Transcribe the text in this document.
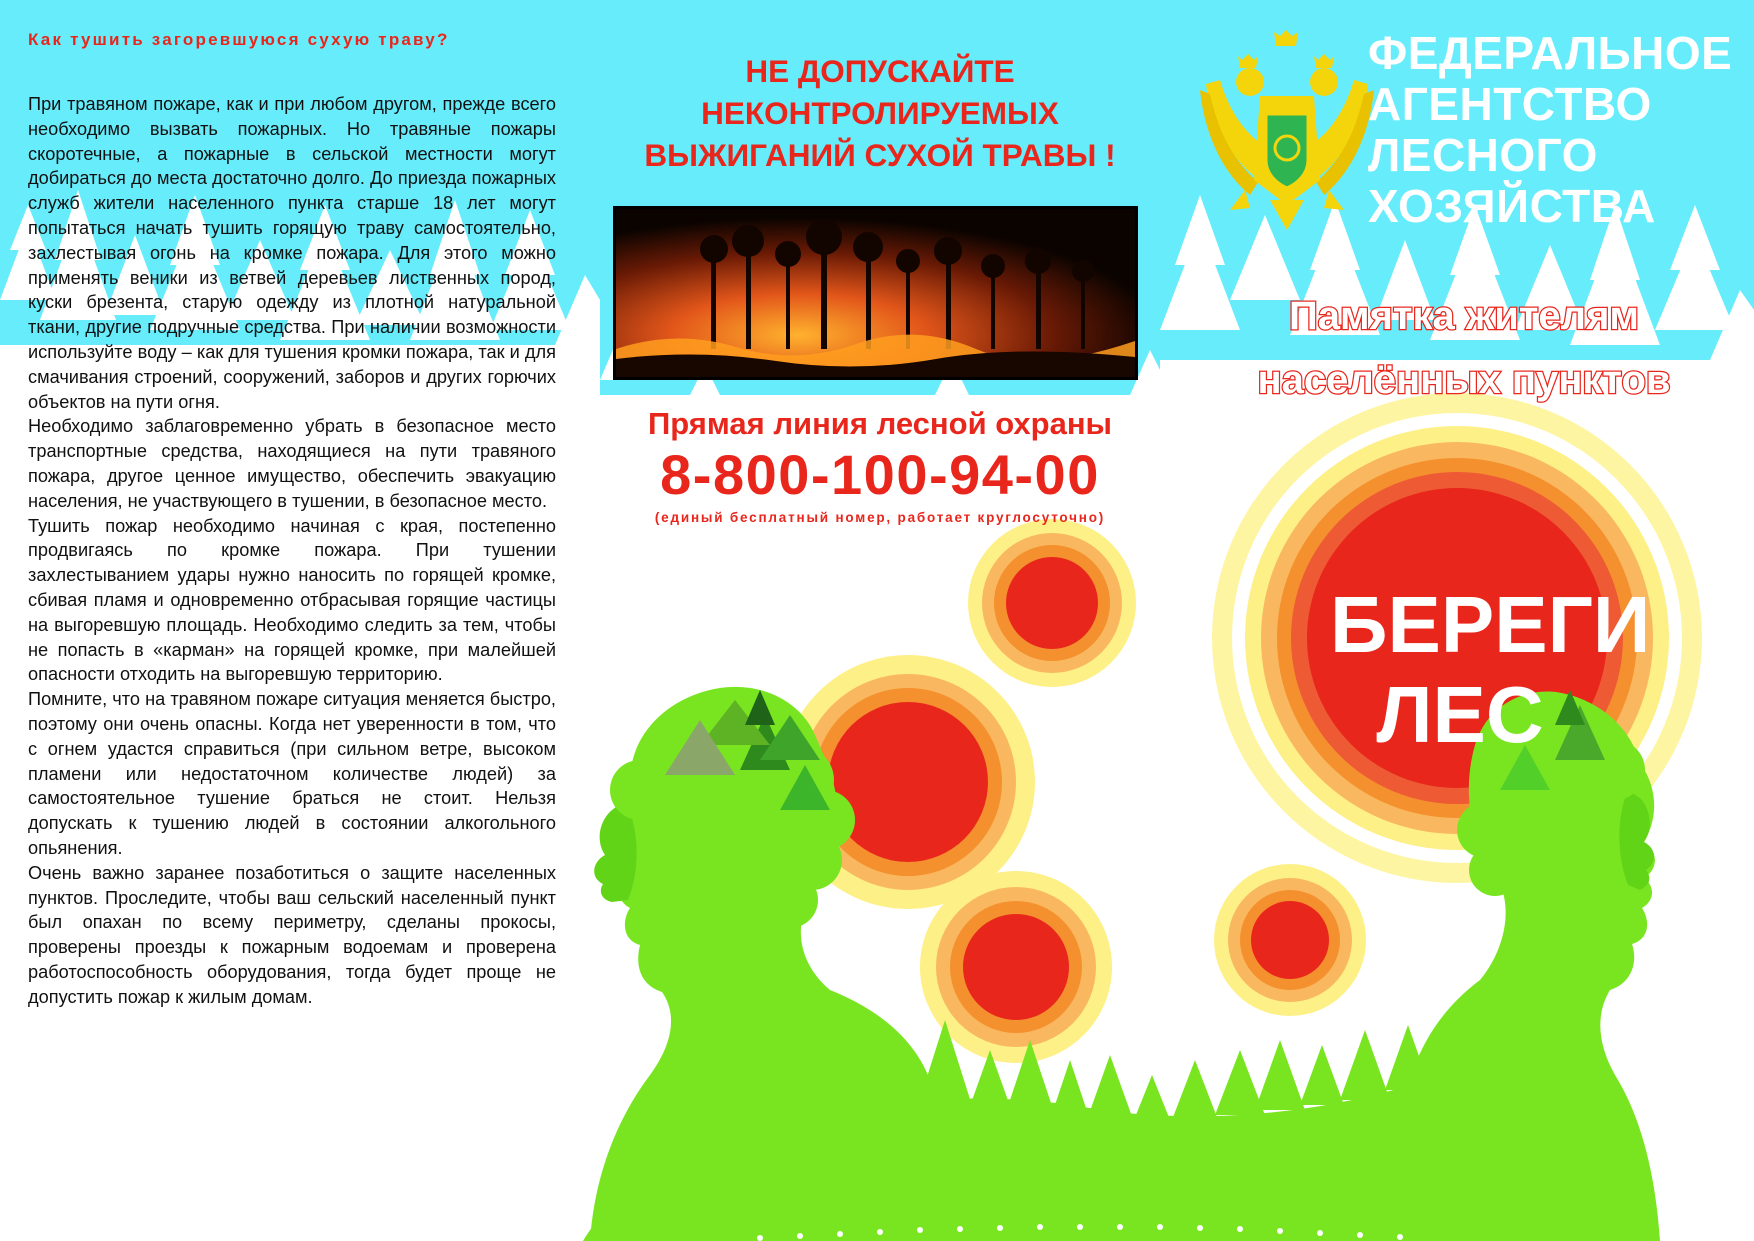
Как тушить загоревшуюся сухую траву?

При травяном пожаре, как и при любом другом, прежде всего необходимо вызвать пожарных. Но травяные пожары скоротечные, а пожарные в сельской местности могут добираться до места достаточно долго. До приезда пожарных служб жители населенного пункта старше 18 лет могут попытаться начать тушить горящую траву самостоятельно, захлестывая огонь на кромке пожара. Для этого можно применять веники из ветвей деревьев лиственных пород, куски брезента, старую одежду из плотной натуральной ткани, другие подручные средства. При наличии возможности используйте воду – как для тушения кромки пожара, так и для смачивания строений, сооружений, заборов и других горючих объектов на пути огня.

Необходимо заблаговременно убрать в безопасное место транспортные средства, находящиеся на пути травяного пожара, другое ценное имущество, обеспечить эвакуацию населения, не участвующего в тушении, в безопасное место.

Тушить пожар необходимо начиная с края, постепенно продвигаясь по кромке пожара. При тушении захлестыванием удары нужно наносить по горящей кромке, сбивая пламя и одновременно отбрасывая горящие частицы на выгоревшую площадь. Необходимо следить за тем, чтобы не попасть в «карман» на горящей кромке, при малейшей опасности отходить на выгоревшую территорию.

Помните, что на травяном пожаре ситуация меняется быстро, поэтому они очень опасны. Когда нет уверенности в том, что с огнем удастся справиться (при сильном ветре, высоком пламени или недостаточном количестве людей) за самостоятельное тушение браться не стоит. Нельзя допускать к тушению людей в состоянии алкогольного опьянения.

Очень важно заранее позаботиться о защите населенных пунктов. Проследите, чтобы ваш сельский населенный пункт был опахан по всему периметру, сделаны прокосы, проверены проезды к пожарным водоемам и проверена работоспособность оборудования, тогда будет проще не допустить пожар к жилым домам.

НЕ ДОПУСКАЙТЕ
НЕКОНТРОЛИРУЕМЫХ
ВЫЖИГАНИЙ СУХОЙ ТРАВЫ !

Прямая линия лесной охраны

8-800-100-94-00

(единый бесплатный номер, работает круглосуточно)

ФЕДЕРАЛЬНОЕ
АГЕНТСТВО
ЛЕСНОГО
ХОЗЯЙСТВА
Памятка жителям
населённых пунктов
БЕРЕГИ
ЛЕС
